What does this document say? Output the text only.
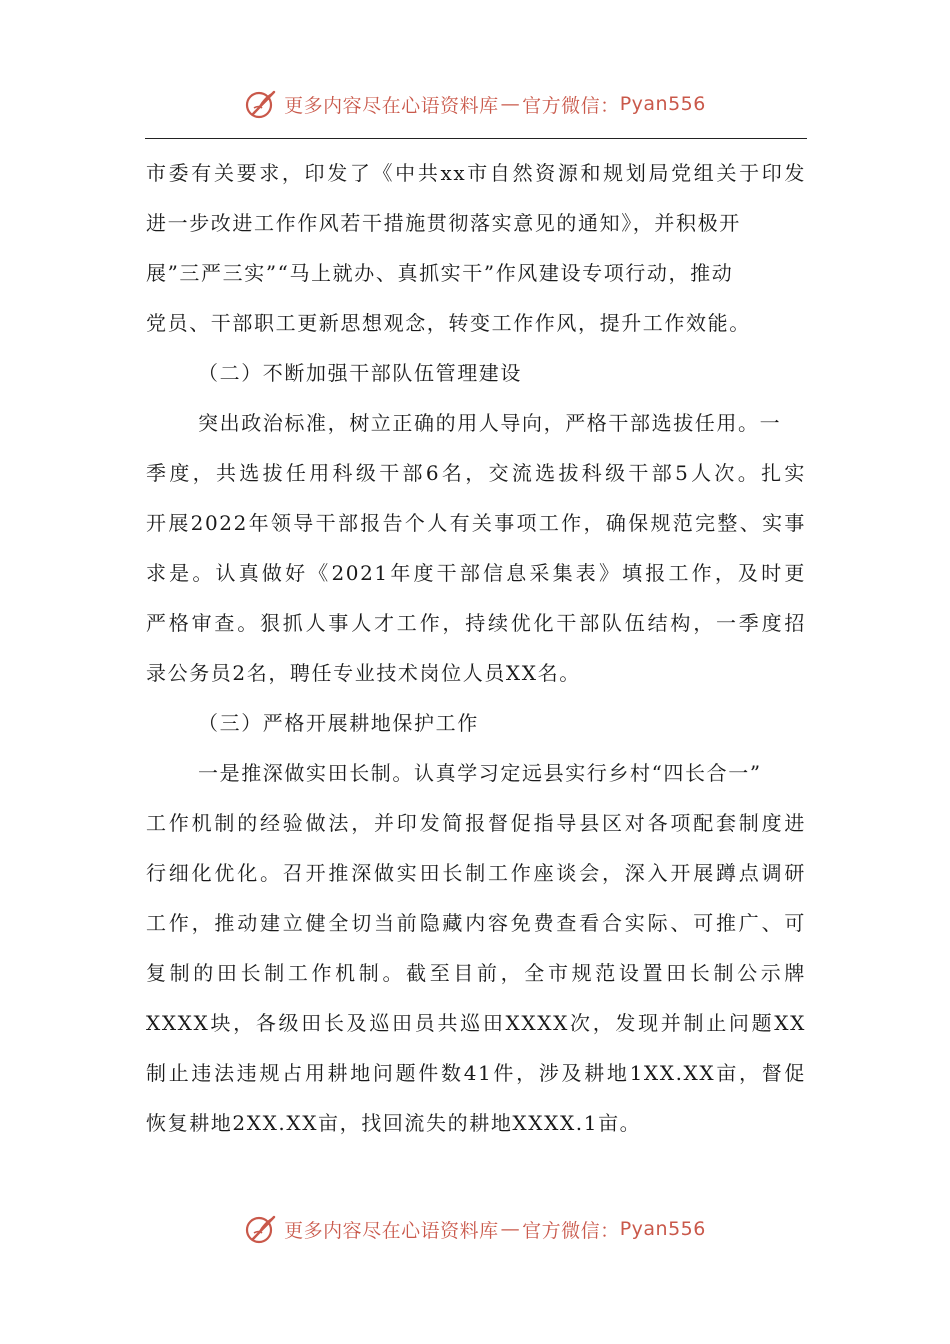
更多内容尽在心语资料库 — 官方微信： Pyan556
市委有关要求，印发了《中共xx市自然资源和规划局党组关于印发
进一步改进工作作风若干措施贯彻落实意见的通知》，并积极开
展”三严三实”“马上就办、真抓实干”作风建设专项行动，推动
党员、干部职工更新思想观念，转变工作作风，提升工作效能。
（二）不断加强干部队伍管理建设
突出政治标准，树立正确的用人导向，严格干部选拔任用。一
季度，共选拔任用科级干部6名，交流选拔科级干部5人次。扎实
开展2022年领导干部报告个人有关事项工作，确保规范完整、实事
求是。认真做好《2021年度干部信息采集表》填报工作，及时更
严格审查。狠抓人事人才工作，持续优化干部队伍结构，一季度招
录公务员2名，聘任专业技术岗位人员XX名。
（三）严格开展耕地保护工作
一是推深做实田长制。认真学习定远县实行乡村“四长合一”
工作机制的经验做法，并印发简报督促指导县区对各项配套制度进
行细化优化。召开推深做实田长制工作座谈会，深入开展蹲点调研
工作，推动建立健全切当前隐藏内容免费查看合实际、可推广、可
复制的田长制工作机制。截至目前，全市规范设置田长制公示牌
XXXX块，各级田长及巡田员共巡田XXXX次，发现并制止问题XX
制止违法违规占用耕地问题件数41件，涉及耕地1XX.XX亩，督促
恢复耕地2XX.XX亩，找回流失的耕地XXXX.1亩。
更多内容尽在心语资料库 — 官方微信： Pyan556
